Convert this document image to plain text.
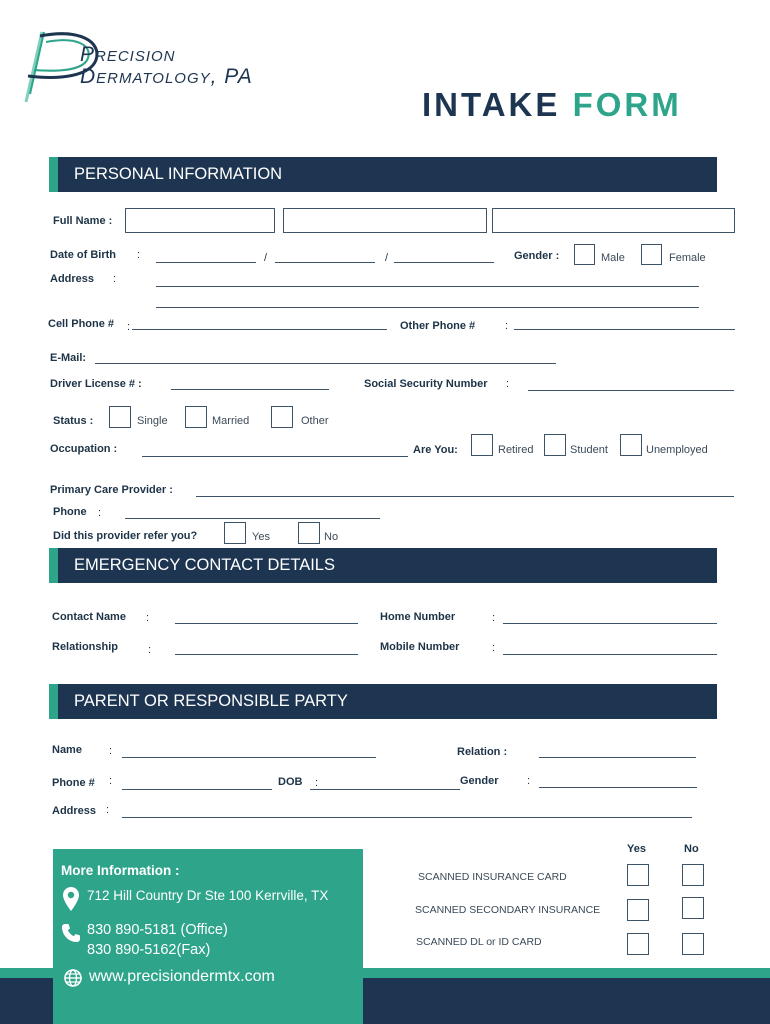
Precision
Dermatology, PA
INTAKE FORM
PERSONAL INFORMATION
Full Name :
Date of Birth :	/	/	Gender :	Male	Female
Address :
Cell Phone # :	Other Phone #	:
E-Mail:
Driver License # :	Social Security Number :
Status :	Single	Married	Other
Occupation :	Are You:	Retired	Student	Unemployed
Primary Care Provider :
Phone :
Did this provider refer you?	Yes	No
EMERGENCY CONTACT DETAILS
Contact Name :	Home Number	:
Relationship	:	Mobile Number	:
PARENT OR RESPONSIBLE PARTY
Name :	Relation :
Phone # :	DOB :	Gender	:
Address :
More Information :
712 Hill Country Dr Ste 100 Kerrville, TX
830 890-5181 (Office)
830 890-5162(Fax)
www.precisiondermtx.com
Yes	No
SCANNED INSURANCE CARD
SCANNED SECONDARY INSURANCE
SCANNED DL or ID CARD
